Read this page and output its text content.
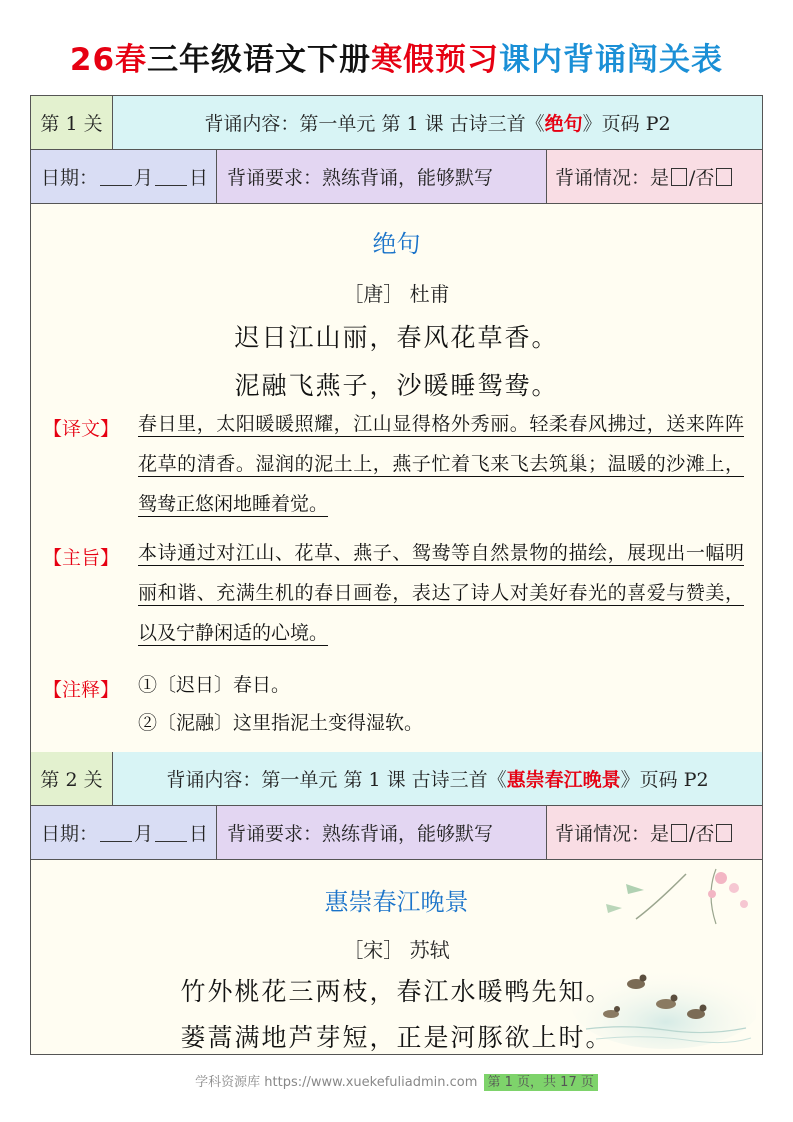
26春三年级语文下册寒假预习课内背诵闯关表
第 1 关	背诵内容：第一单元 第 1 课 古诗三首《 绝句 》页码 P2
日期： 月 日 背诵要求：熟练背诵，能够默写	背诵情况：是 /否
绝句
［唐］ 杜甫
迟日江山丽，春风花草香。
泥融飞燕子，沙暖睡鸳鸯。
【译文】 春日里，太阳暖暖照耀，江山显得格外秀丽。轻柔春风拂过，送来阵阵花草的清香。湿润的泥土上，燕子忙着飞来飞去筑巢；温暖的沙滩上，鸳鸯正悠闲地睡着觉。
【主旨】 本诗通过对江山、花草、燕子、鸳鸯等自然景物的描绘，展现出一幅明丽和谐、充满生机的春日画卷，表达了诗人对美好春光的喜爱与赞美，以及宁静闲适的心境。
【注释】 ①〔迟日〕春日。
②〔泥融〕这里指泥土变得湿软。
第 2 关	背诵内容：第一单元 第 1 课 古诗三首《 惠崇春江晚景 》页码 P2
日期： 月 日 背诵要求：熟练背诵，能够默写	背诵情况：是 /否
惠崇春江晚景
［宋］ 苏轼
竹外桃花三两枝，春江水暖鸭先知。
蒌蒿满地芦芽短，正是河豚欲上时。
学科资源库 https://www.xuekefuliadmin.com 第 1 页，共 17 页
